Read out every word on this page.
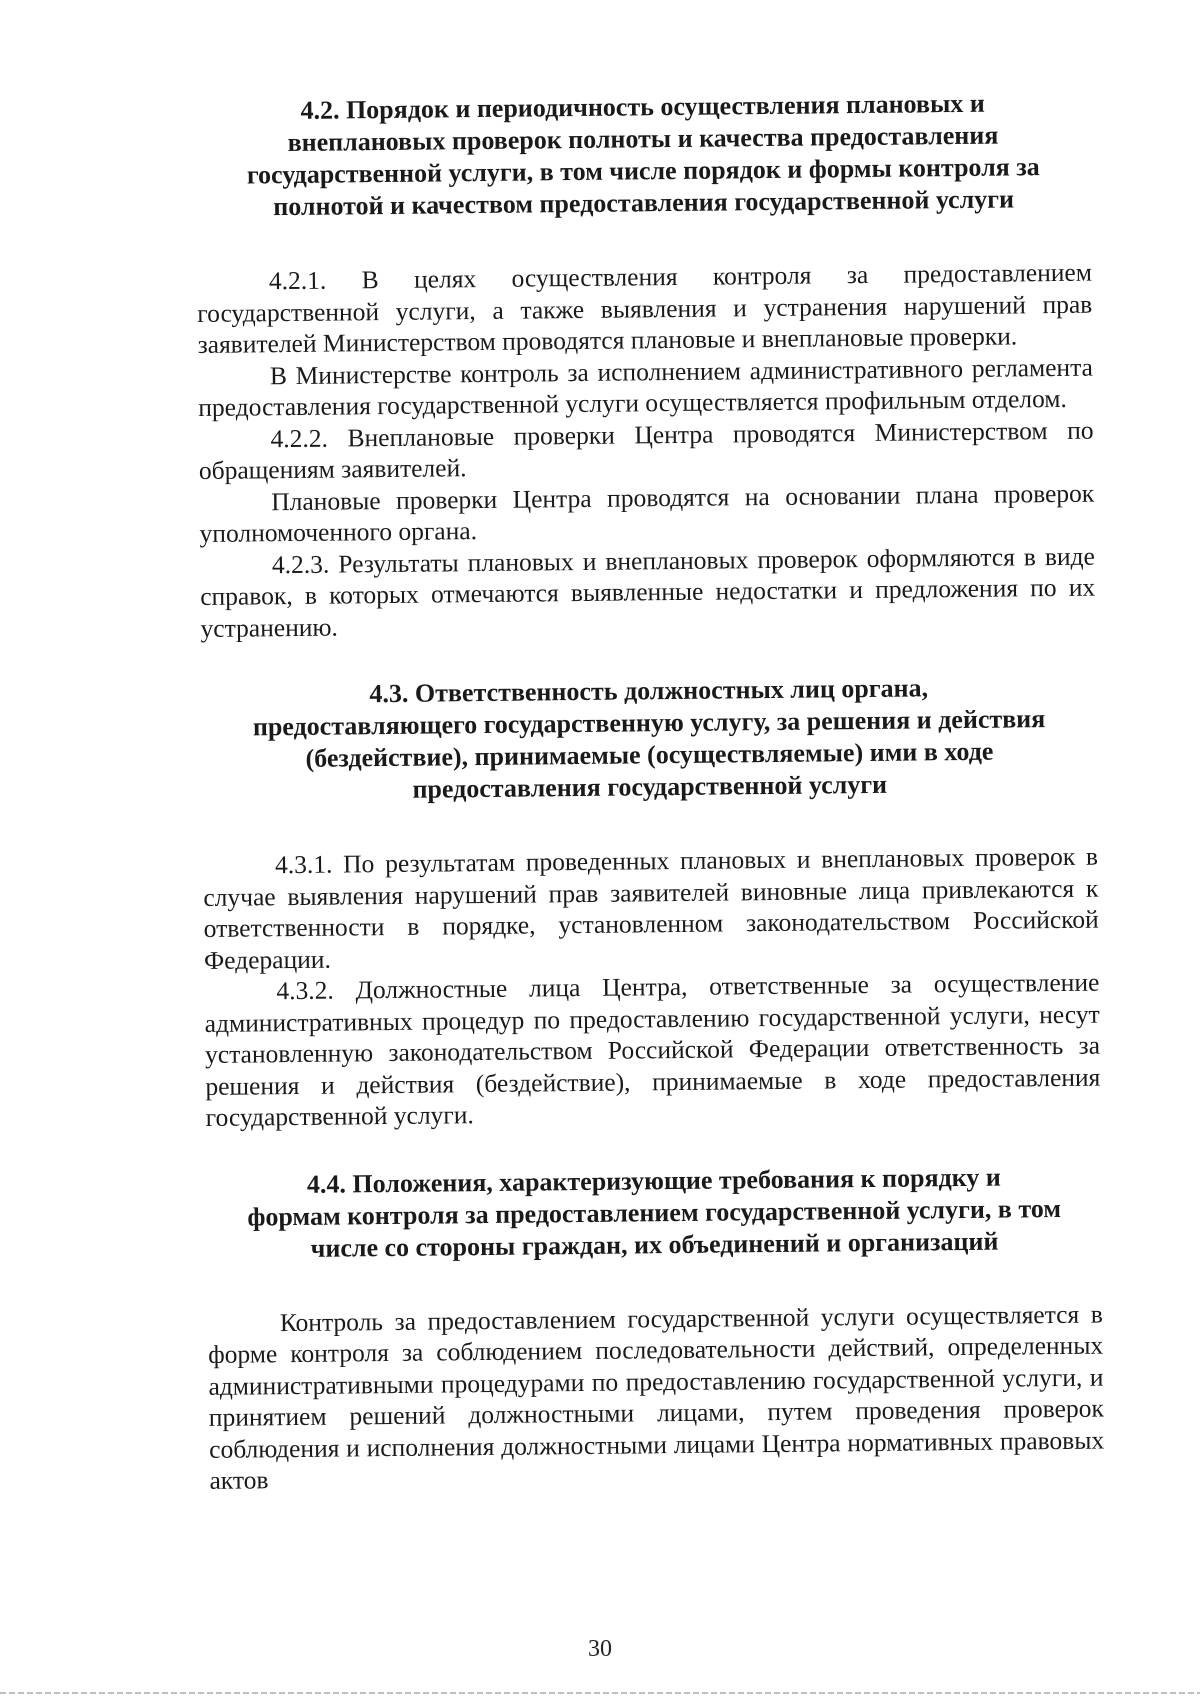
4.2. Порядок и периодичность осуществления плановых и
внеплановых проверок полноты и качества предоставления
государственной услуги, в том числе порядок и формы контроля за
полнотой и качеством предоставления государственной услуги

4.2.1. В целях осуществления контроля за предоставлением государственной услуги, а также выявления и устранения нарушений прав заявителей Министерством проводятся плановые и внеплановые проверки.

В Министерстве контроль за исполнением административного регламента предоставления государственной услуги осуществляется профильным отделом.

4.2.2. Внеплановые проверки Центра проводятся Министерством по обращениям заявителей.

Плановые проверки Центра проводятся на основании плана проверок уполномоченного органа.

4.2.3. Результаты плановых и внеплановых проверок оформляются в виде справок, в которых отмечаются выявленные недостатки и предложения по их устранению.

4.3. Ответственность должностных лиц органа,
предоставляющего государственную услугу, за решения и действия
(бездействие), принимаемые (осуществляемые) ими в ходе
предоставления государственной услуги

4.3.1. По результатам проведенных плановых и внеплановых проверок в случае выявления нарушений прав заявителей виновные лица привлекаются к ответственности в порядке, установленном законодательством Российской Федерации.

4.3.2. Должностные лица Центра, ответственные за осуществление административных процедур по предоставлению государственной услуги, несут установленную законодательством Российской Федерации ответственность за решения и действия (бездействие), принимаемые в ходе предоставления государственной услуги.

4.4. Положения, характеризующие требования к порядку и
формам контроля за предоставлением государственной услуги, в том
числе со стороны граждан, их объединений и организаций

Контроль за предоставлением государственной услуги осуществляется в форме контроля за соблюдением последовательности действий, определенных административными процедурами по предоставлению государственной услуги, и принятием решений должностными лицами, путем проведения проверок соблюдения и исполнения должностными лицами Центра нормативных правовых актов

30
